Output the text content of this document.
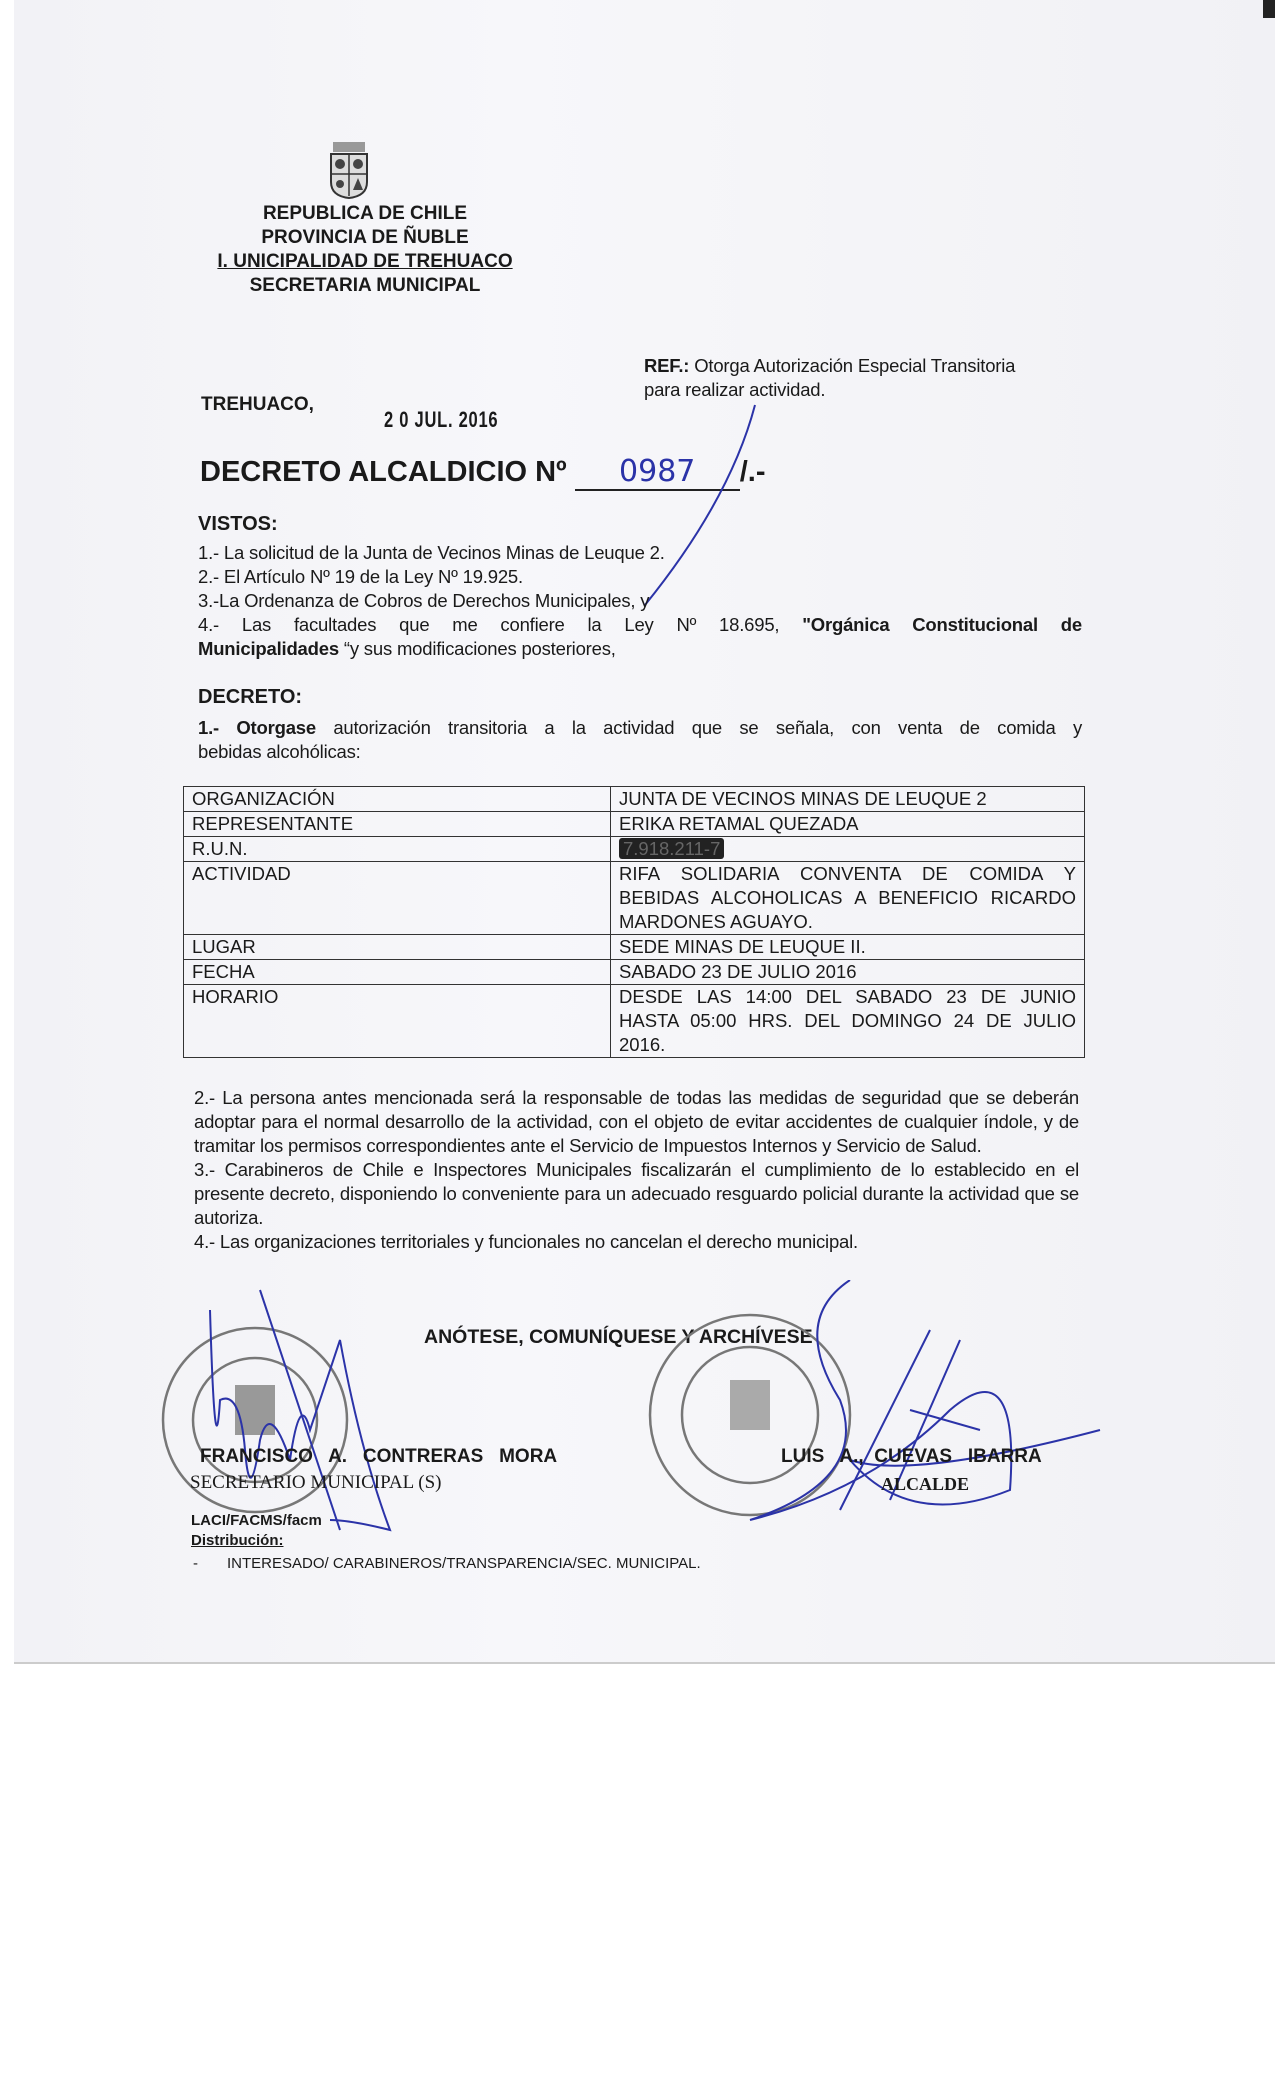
REPUBLICA DE CHILE
PROVINCIA DE ÑUBLE
I. UNICIPALIDAD DE TREHUACO
SECRETARIA MUNICIPAL
REF.: Otorga Autorización Especial Transitoria
para realizar actividad.
TREHUACO,
2 0 JUL. 2016
DECRETO ALCALDICIO Nº 0987 /.-
VISTOS:
1.- La solicitud de la Junta de Vecinos Minas de Leuque 2.
2.- El Artículo Nº 19 de la Ley Nº 19.925.
3.-La Ordenanza de Cobros de Derechos Municipales, y
4.- Las facultades que me confiere la Ley Nº 18.695, "Orgánica Constitucional de
Municipalidades “y sus modificaciones posteriores,
DECRETO:
1.- Otorgase autorización transitoria a la actividad que se señala, con venta de comida y
bebidas alcohólicas:
ORGANIZACIÓN	JUNTA DE VECINOS MINAS DE LEUQUE 2
REPRESENTANTE	ERIKA RETAMAL QUEZADA
R.U.N.	7.918.211-7
ACTIVIDAD	RIFA SOLIDARIA CONVENTA DE COMIDA Y BEBIDAS ALCOHOLICAS A BENEFICIO RICARDO MARDONES AGUAYO.
LUGAR	SEDE MINAS DE LEUQUE II.
FECHA	SABADO 23 DE JULIO 2016
HORARIO	DESDE LAS 14:00 DEL SABADO 23 DE JUNIO HASTA 05:00 HRS. DEL DOMINGO 24 DE JULIO 2016.
2.- La persona antes mencionada será la responsable de todas las medidas de seguridad que se deberán adoptar para el normal desarrollo de la actividad, con el objeto de evitar accidentes de cualquier índole, y de tramitar los permisos correspondientes ante el Servicio de Impuestos Internos y Servicio de Salud.
3.- Carabineros de Chile e Inspectores Municipales fiscalizarán el cumplimiento de lo establecido en el presente decreto, disponiendo lo conveniente para un adecuado resguardo policial durante la actividad que se autoriza.
4.- Las organizaciones territoriales y funcionales no cancelan el derecho municipal.
ANÓTESE, COMUNÍQUESE Y ARCHÍVESE
FRANCISCO   A.   CONTRERAS   MORA
SECRETARIO MUNICIPAL (S)
LUIS   A.,  CUEVAS   IBARRA
ALCALDE
LACI/FACMS/facm
Distribución:
- INTERESADO/ CARABINEROS/TRANSPARENCIA/SEC. MUNICIPAL.
